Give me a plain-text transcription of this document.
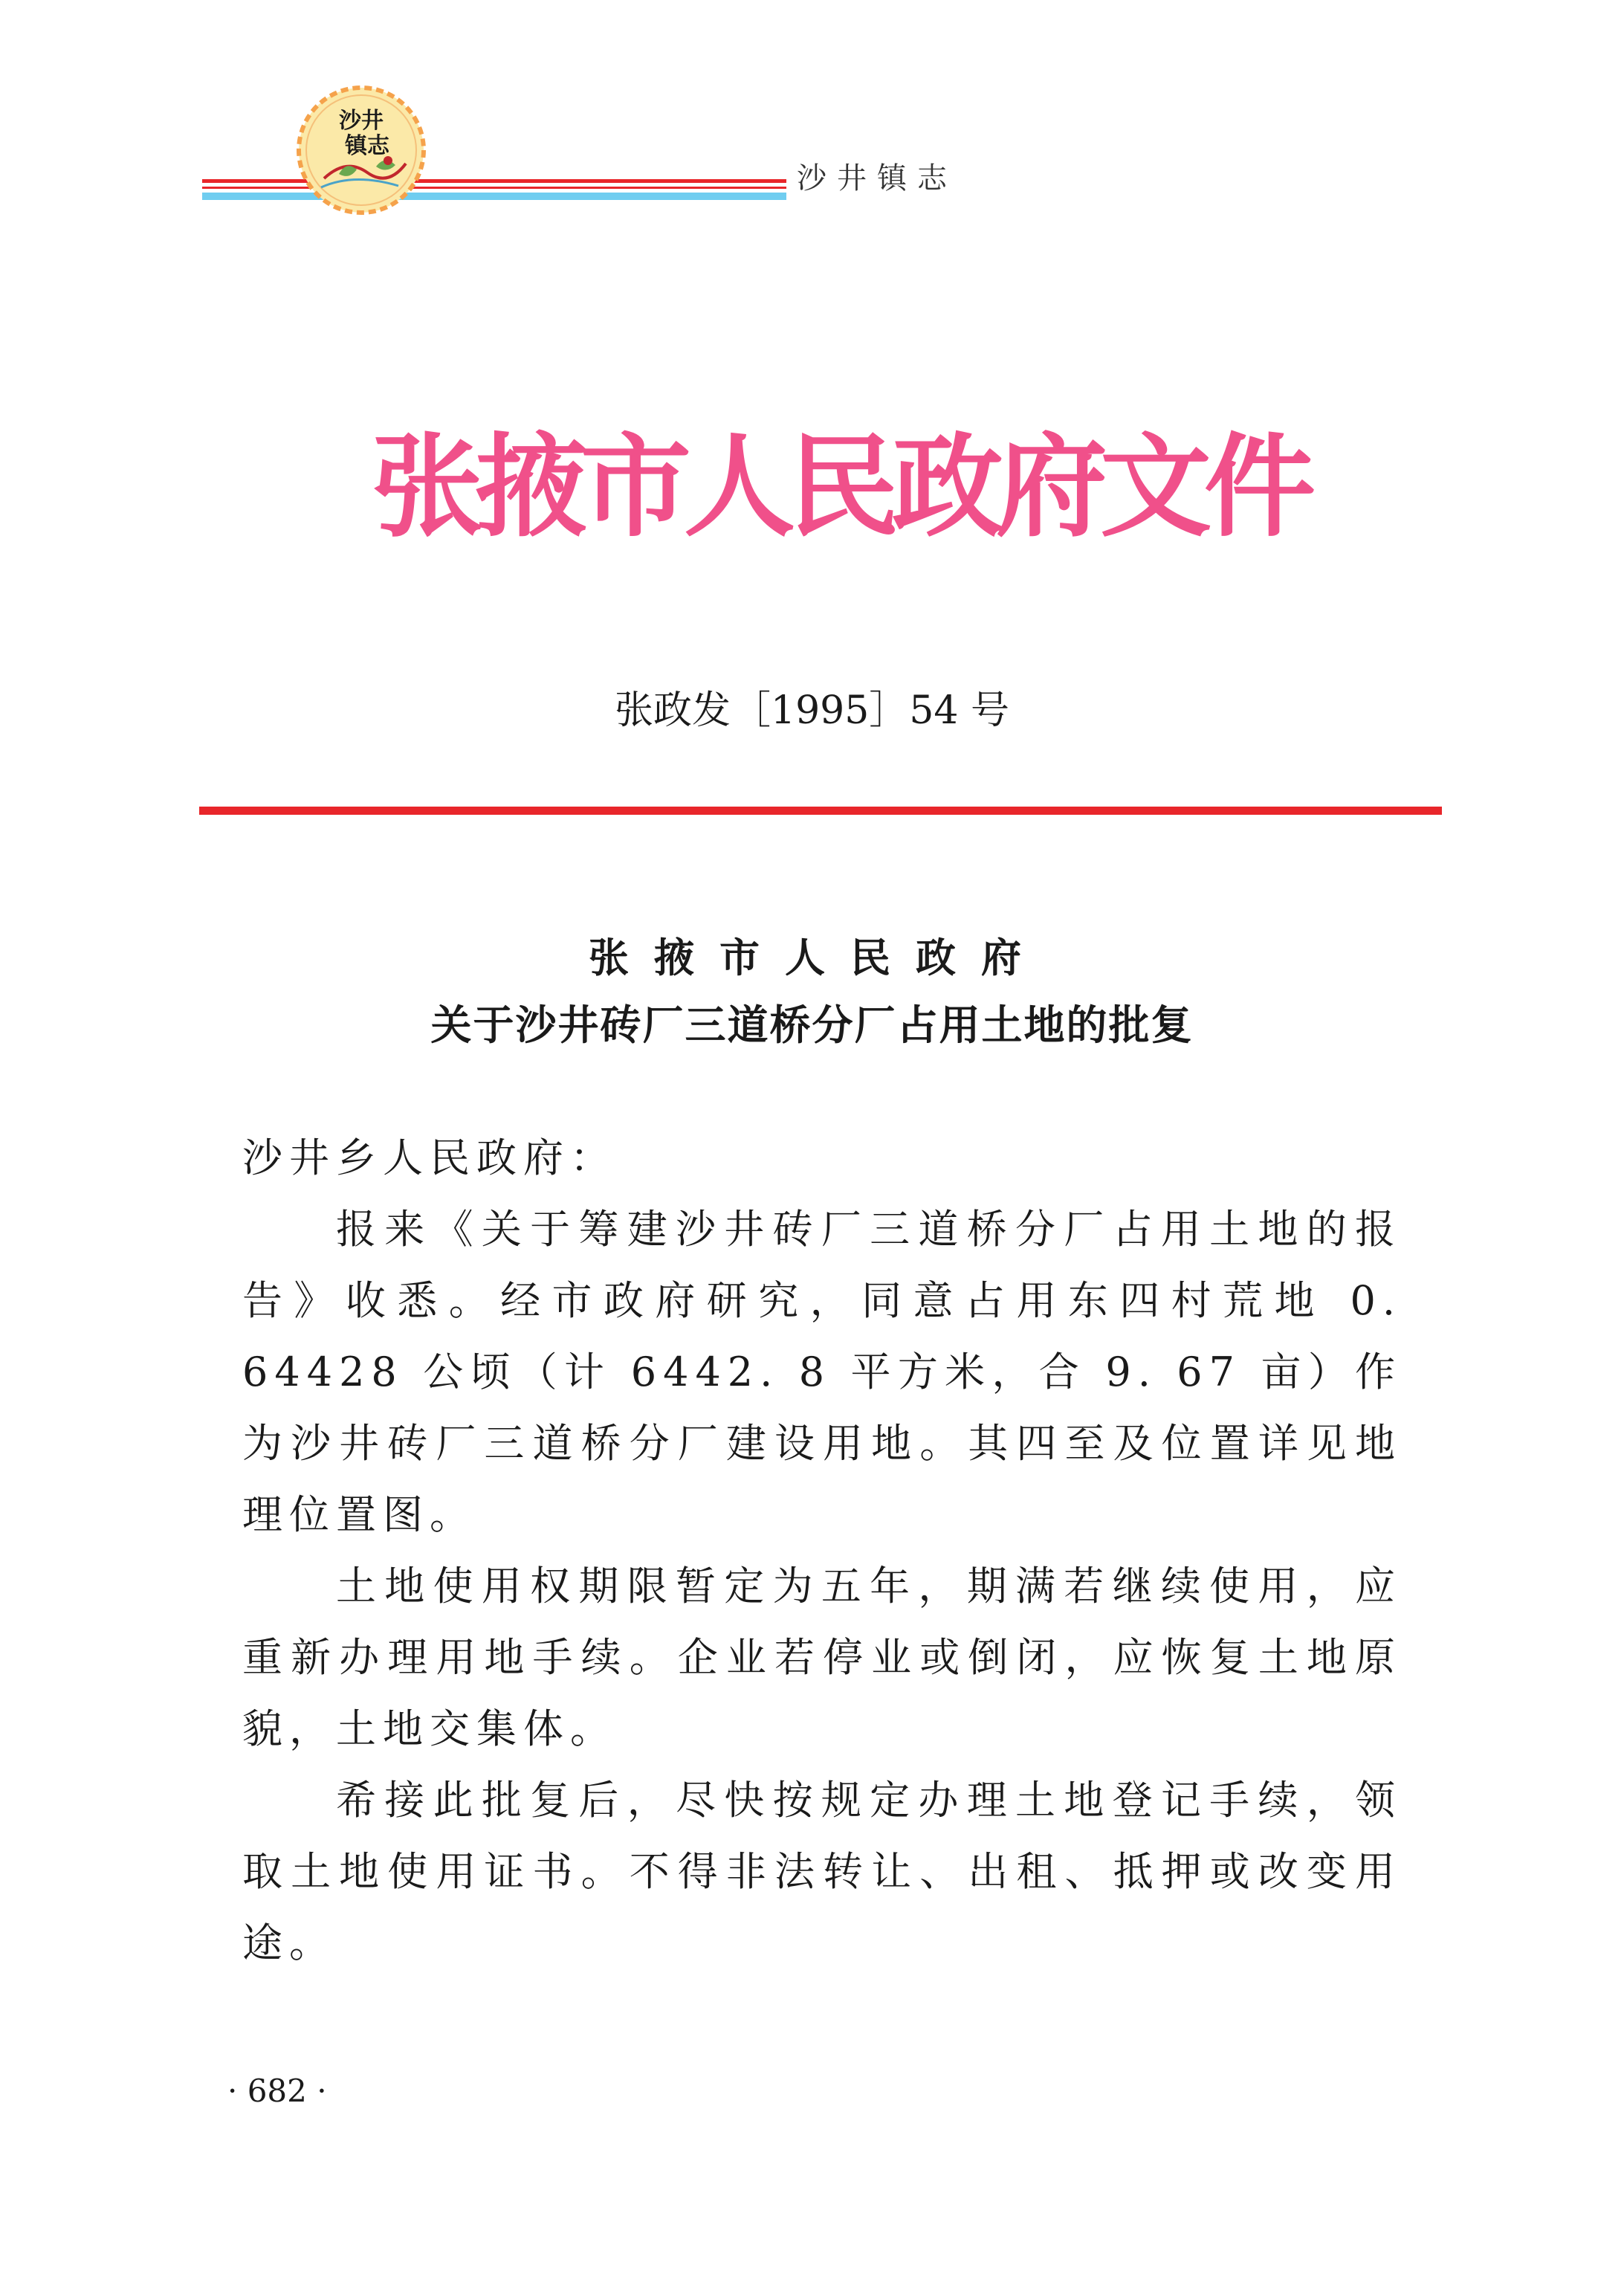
沙井
镇志
沙井镇志
张掖市人民政府文件
张政发［1995］54 号
张掖市人民政府
关于沙井砖厂三道桥分厂占用土地的批复

沙井乡人民政府：

报来《关于筹建沙井砖厂三道桥分厂占用土地的报告》收悉。经市政府研究，同意占用东四村荒地 0. 64428 公顷（计 6442. 8 平方米，合 9. 67 亩）作为沙井砖厂三道桥分厂建设用地。其四至及位置详见地理位置图。

土地使用权期限暂定为五年，期满若继续使用，应重新办理用地手续。企业若停业或倒闭，应恢复土地原貌，土地交集体。

希接此批复后，尽快按规定办理土地登记手续，领取土地使用证书。不得非法转让、出租、抵押或改变用途。

· 682 ·
